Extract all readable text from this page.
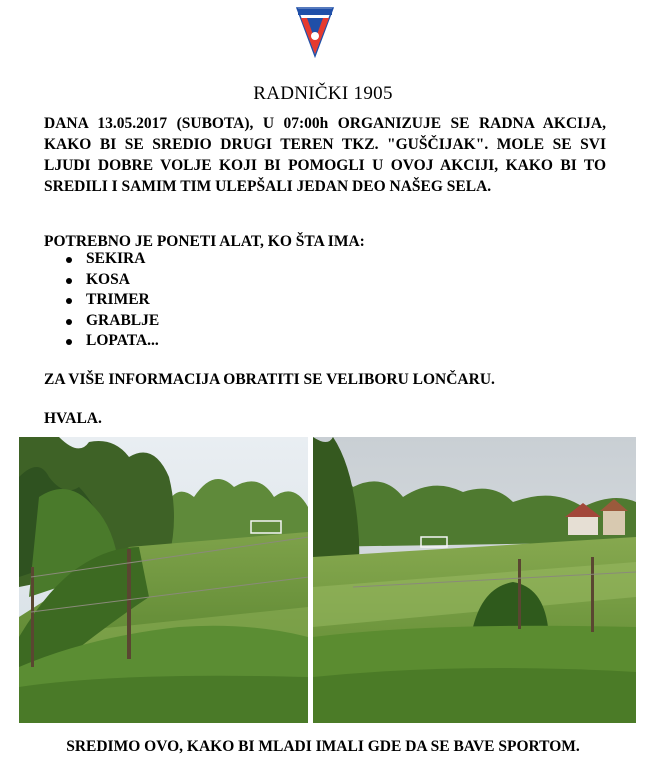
RADNIČKI 1905

DANA 13.05.2017 (SUBOTA), U 07:00h ORGANIZUJE SE RADNA AKCIJA, KAKO BI SE SREDIO DRUGI TEREN TKZ. "GUŠČIJAK". MOLE SE SVI LJUDI DOBRE VOLJE KOJI BI POMOGLI U OVOJ AKCIJI, KAKO BI TO SREDILI I SAMIM TIM ULEPŠALI JEDAN DEO NAŠEG SELA.

POTREBNO JE PONETI ALAT, KO ŠTA IMA:

SEKIRA
KOSA
TRIMER
GRABLJE
LOPATA...

ZA VIŠE INFORMACIJA OBRATITI SE VELIBORU LONČARU.

HVALA.

SREDIMO OVO, KAKO BI MLADI IMALI GDE DA SE BAVE SPORTOM.
